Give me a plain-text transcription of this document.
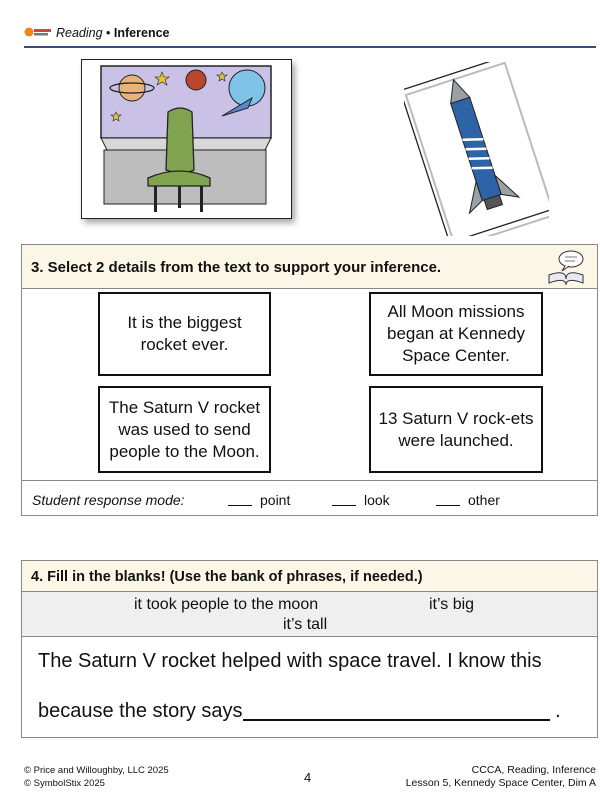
Reading • Inference
3. Select 2 details from the text to support your inference.
It is the biggest rocket ever.
All Moon missions began at Kennedy Space Center.
The Saturn V rocket was used to send people to the Moon.
13 Saturn V rock-ets were launched.
Student response mode:	point	look	other
4. Fill in the blanks! (Use the bank of phrases, if needed.)
it took people to the moon	it’s big
it’s tall
The Saturn V rocket helped with space travel. I know this
because the story says	.
© Price and Willoughby, LLC 2025
© SymbolStix 2025	4	CCCA, Reading, Inference
Lesson 5, Kennedy Space Center, Dim A
